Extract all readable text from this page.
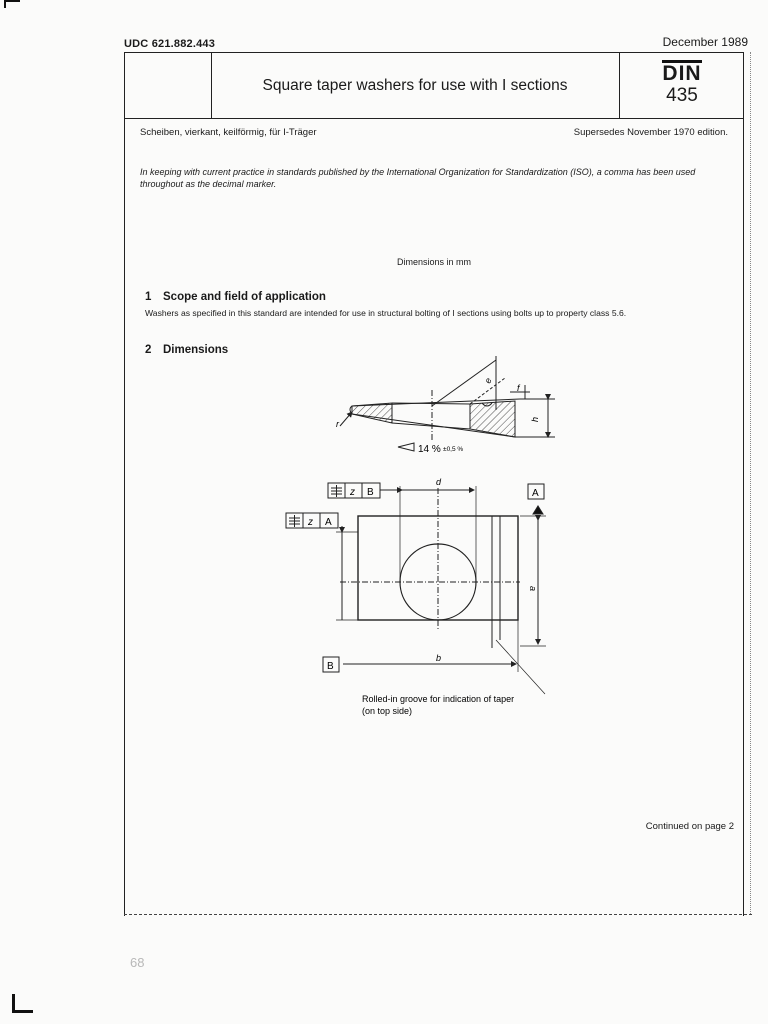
UDC 621.882.443	December 1989
Square taper washers for use with I sections	DIN
435
Scheiben, vierkant, keilförmig, für I-Träger	Supersedes November 1970 edition.
In keeping with current practice in standards published by the International Organization for Standardization (ISO), a comma has been used throughout as the decimal marker.
Dimensions in mm
1 Scope and field of application
Washers as specified in this standard are intended for use in structural bolting of I sections using bolts up to property class 5.6.
2 Dimensions
e
f
h
r
14 % ±0,5 %
d
a
b
A
B
z B
z A
Rolled-in groove for indication of taper
(on top side)
Continued on page 2
68
